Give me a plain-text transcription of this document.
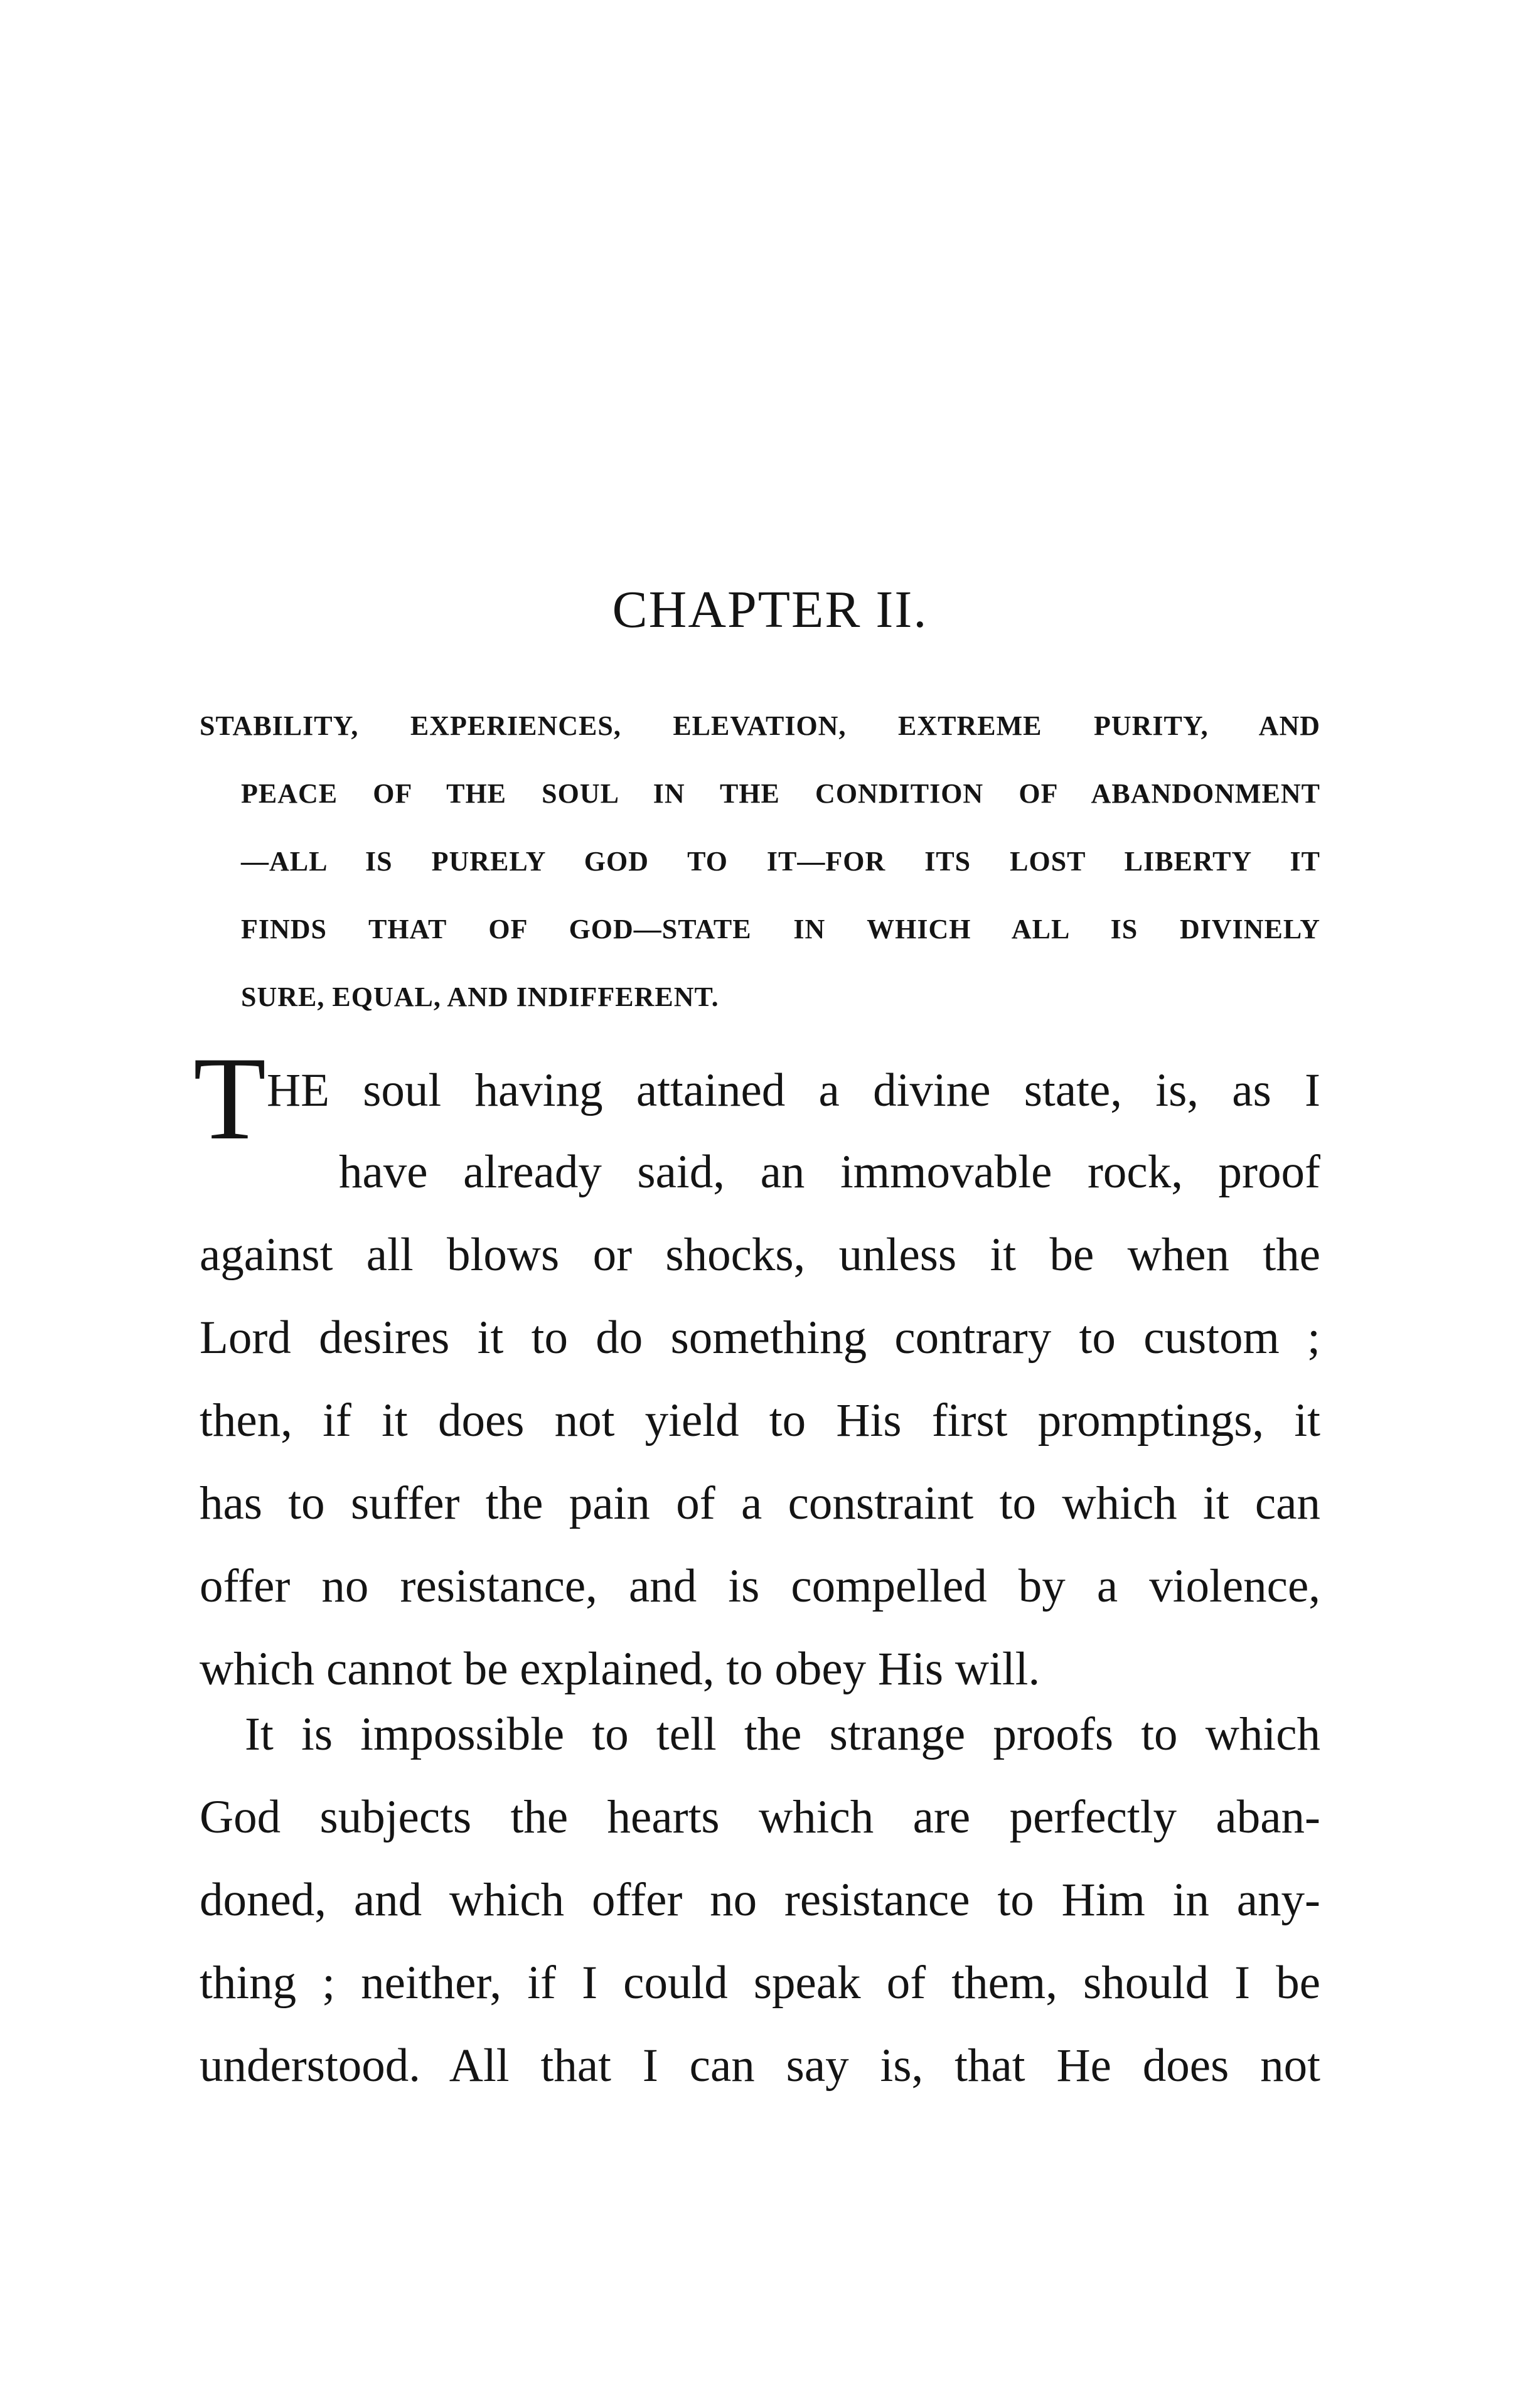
CHAPTER II.
STABILITY, EXPERIENCES, ELEVATION, EXTREME PURITY, AND
PEACE OF THE SOUL IN THE CONDITION OF ABANDONMENT
—ALL IS PURELY GOD TO IT—FOR ITS LOST LIBERTY IT
FINDS THAT OF GOD—STATE IN WHICH ALL IS DIVINELY
SURE, EQUAL, AND INDIFFERENT.
T HE soul having attained a divine state, is, as I
have already said, an immovable rock, proof
against all blows or shocks, unless it be when the
Lord desires it to do something contrary to custom ;
then, if it does not yield to His first promptings, it
has to suffer the pain of a constraint to which it can
offer no resistance, and is compelled by a violence,
which cannot be explained, to obey His will.
It is impossible to tell the strange proofs to which
God subjects the hearts which are perfectly aban-
doned, and which offer no resistance to Him in any-
thing ; neither, if I could speak of them, should I be
understood. All that I can say is, that He does not
